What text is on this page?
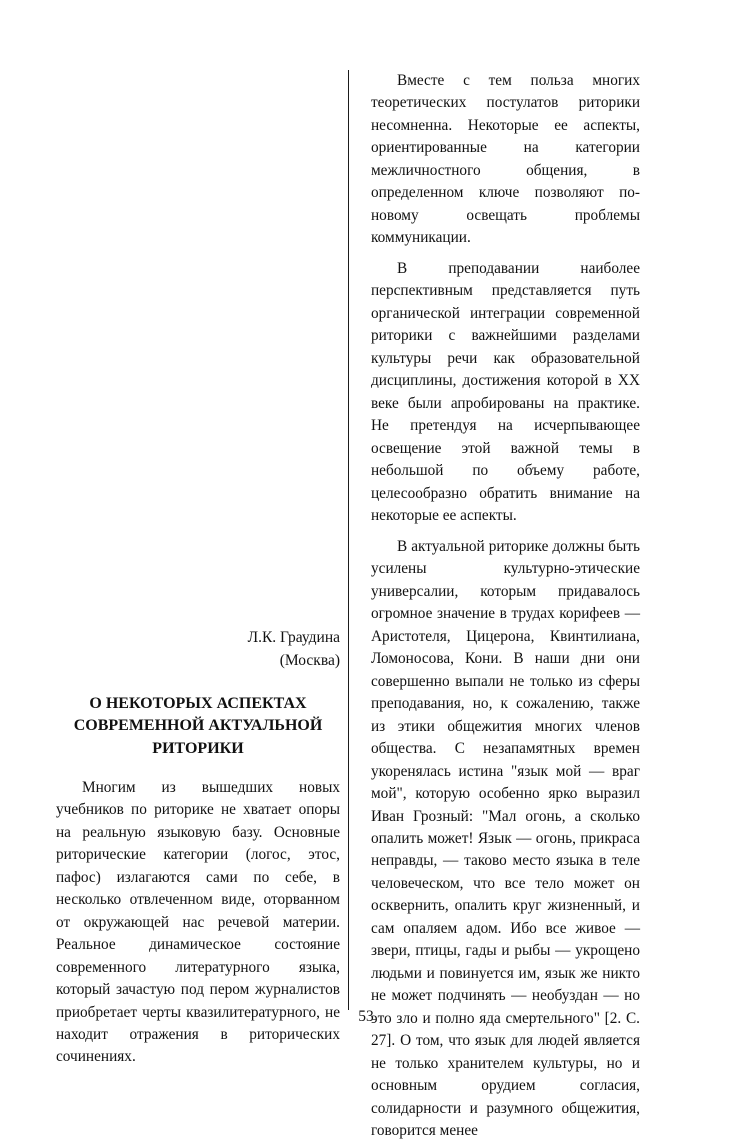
Л.К. Граудина
(Москва)
О НЕКОТОРЫХ АСПЕКТАХ
СОВРЕМЕННОЙ АКТУАЛЬНОЙ
РИТОРИКИ

Многим из вышедших новых учебников по риторике не хватает опоры на реальную языковую базу. Основные риторические категории (логос, этос, пафос) излагаются сами по себе, в несколько отвлеченном виде, оторванном от окружающей нас речевой материи. Реальное динамическое состояние современного литературного языка, который зачастую под пером журналистов приобретает черты квазилитературного, не находит отражения в риторических сочинениях.

Вместе с тем польза многих теоретических постулатов риторики несомненна. Некоторые ее аспекты, ориентированные на категории межличностного общения, в определенном ключе позволяют по-новому освещать проблемы коммуникации.

В преподавании наиболее перспективным представляется путь органической интеграции современной риторики с важнейшими разделами культуры речи как образовательной дисциплины, достижения которой в XX веке были апробированы на практике. Не претендуя на исчерпывающее освещение этой важной темы в небольшой по объему работе, целесообразно обратить внимание на некоторые ее аспекты.

В актуальной риторике должны быть усилены культурно-этические универсалии, которым придавалось огромное значение в трудах корифеев — Аристотеля, Цицерона, Квинтилиана, Ломоносова, Кони. В наши дни они совершенно выпали не только из сферы преподавания, но, к сожалению, также из этики общежития многих членов общества. С незапамятных времен укоренялась истина "язык мой — враг мой", которую особенно ярко выразил Иван Грозный: "Мал огонь, а сколько опалить может! Язык — огонь, прикраса неправды, — таково место языка в теле человеческом, что все тело может он осквернить, опалить круг жизненный, и сам опаляем адом. Ибо все живое — звери, птицы, гады и рыбы — укрощено людьми и повинуется им, язык же никто не может подчинять — необуздан — но это зло и полно яда смертельного" [2. С. 27]. О том, что язык для людей является не только хранителем культуры, но и основным орудием согласия, солидарности и разумного общежития, говорится менее

53
